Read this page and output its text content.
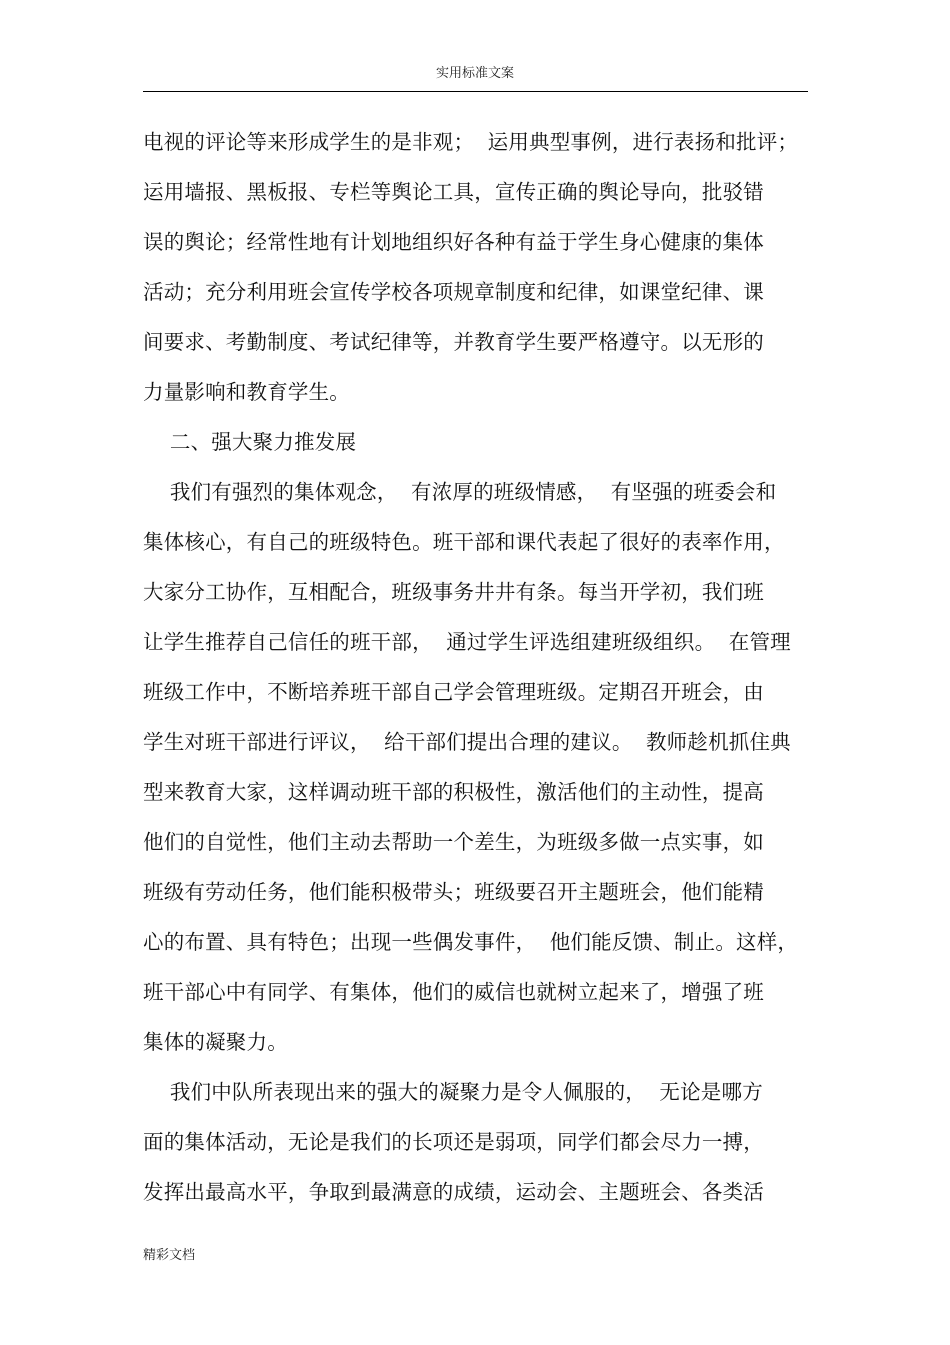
实用标准文案
电视的评论等来形成学生的是非观；  运用典型事例，进行表扬和批评；
运用墙报、黑板报、专栏等舆论工具，宣传正确的舆论导向，批驳错
误的舆论；经常性地有计划地组织好各种有益于学生身心健康的集体
活动；充分利用班会宣传学校各项规章制度和纪律，如课堂纪律、课
间要求、考勤制度、考试纪律等，并教育学生要严格遵守。以无形的
力量影响和教育学生。
二、强大聚力推发展
我们有强烈的集体观念，  有浓厚的班级情感，  有坚强的班委会和
集体核心，有自己的班级特色。班干部和课代表起了很好的表率作用，
大家分工协作，互相配合，班级事务井井有条。每当开学初，我们班
让学生推荐自己信任的班干部，  通过学生评选组建班级组织。  在管理
班级工作中，不断培养班干部自己学会管理班级。定期召开班会，由
学生对班干部进行评议，  给干部们提出合理的建议。  教师趁机抓住典
型来教育大家，这样调动班干部的积极性，激活他们的主动性，提高
他们的自觉性，他们主动去帮助一个差生，为班级多做一点实事，如
班级有劳动任务，他们能积极带头；班级要召开主题班会，他们能精
心的布置、具有特色；出现一些偶发事件，  他们能反馈、制止。这样，
班干部心中有同学、有集体，他们的威信也就树立起来了，增强了班
集体的凝聚力。
我们中队所表现出来的强大的凝聚力是令人佩服的，  无论是哪方
面的集体活动，无论是我们的长项还是弱项，同学们都会尽力一搏，
发挥出最高水平，争取到最满意的成绩，运动会、主题班会、各类活
精彩文档
